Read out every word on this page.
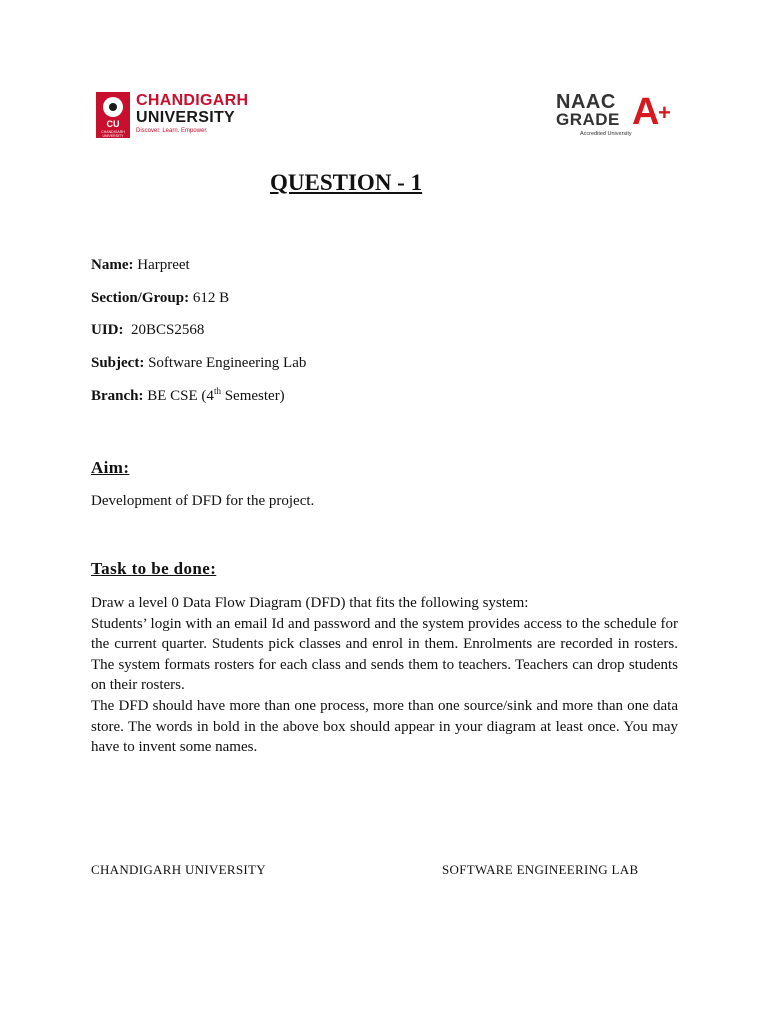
CU
CHANDIGARH UNIVERSITY
CHANDIGARH
UNIVERSITY
Discover. Learn. Empower.
NAAC
GRADE A
+
Accredited University
QUESTION - 1
Name: Harpreet
Section/Group: 612 B
UID:  20BCS2568
Subject: Software Engineering Lab
Branch: BE CSE (4th Semester)
Aim:
Development of DFD for the project.
Task to be done:
Draw a level 0 Data Flow Diagram (DFD) that fits the following system:
Students’ login with an email Id and password and the system provides access to the schedule for the current quarter. Students pick classes and enrol in them. Enrolments are recorded in rosters. The system formats rosters for each class and sends them to teachers. Teachers can drop students on their rosters.
The DFD should have more than one process, more than one source/sink and more than one data store. The words in bold in the above box should appear in your diagram at least once. You may have to invent some names.
CHANDIGARH UNIVERSITY	SOFTWARE ENGINEERING LAB
